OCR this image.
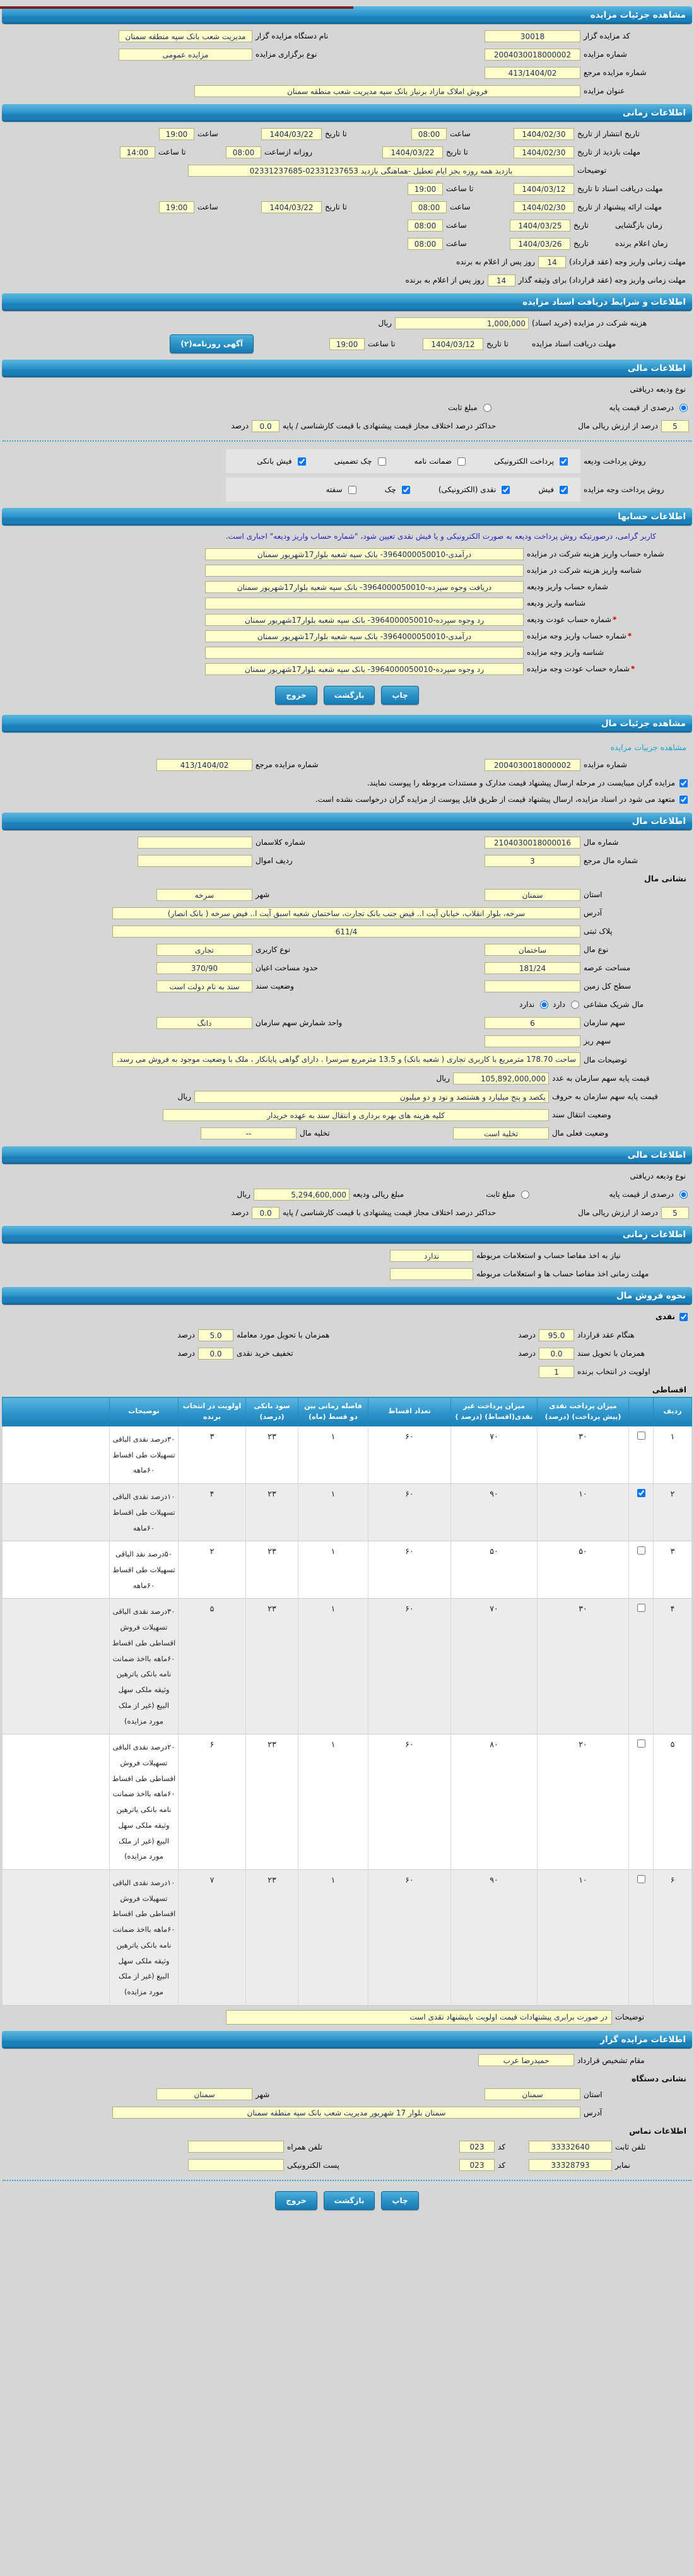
مشاهده جزئیات مزایده
کد مزایده گزار
30018
نام دستگاه مزایده گزار
مدیریت شعب بانک سپه منطقه سمنان
شماره مزایده
2004030018000002
نوع برگزاری مزایده
مزایده عمومی
شماره مزایده مرجع
413/1404/02
عنوان مزایده
فروش املاک مازاد برنیاز بانک سپه مدیریت شعب منطقه سمنان
اطلاعات زمانی
تاریخ انتشار از تاریخ
1404/02/30
ساعت
08:00
تا تاریخ
1404/03/22
ساعت
19:00
مهلت بازدید از تاریخ
1404/02/30
تا تاریخ
1404/03/22
روزانه ازساعت
08:00
تا ساعت
14:00
توضیحات
بازدید همه روزه بجز ایام تعطیل -هماهنگی بازدید 02331237653-02331237685
مهلت دریافت اسناد تا تاریخ
1404/03/12
تا ساعت
19:00
مهلت ارائه پیشنهاد از تاریخ
1404/02/30
ساعت
08:00
تا تاریخ
1404/03/22
ساعت
19:00
زمان بازگشایی
تاریخ
1404/03/25
ساعت
08:00
زمان اعلام برنده
تاریخ
1404/03/26
ساعت
08:00
مهلت زمانی واریز وجه (عقد قرارداد)
14
روز پس از اعلام به برنده
مهلت زمانی واریز وجه (عقد قرارداد) برای وثیقه گذار
14
روز پس از اعلام به برنده
اطلاعات و شرایط دریافت اسناد مزایده
هزینه شرکت در مزایده (خرید اسناد)
1,000,000
ریال
مهلت دریافت اسناد مزایده
تا تاریخ
1404/03/12
تا ساعت
19:00
آگهی روزنامه(۲)
اطلاعات مالی
نوع ودیعه دریافتی
درصدی از قیمت پایه
مبلغ ثابت
5
درصد از ارزش ریالی مال
حداکثر درصد اختلاف مجاز قیمت پیشنهادی با قیمت کارشناسی / پایه
0.0
درصد
روش پرداخت ودیعه
پرداخت الکترونیکی
ضمانت نامه
چک تضمینی
فیش بانکی
روش پرداخت وجه مزایده
فیش
نقدی (الکترونیکی)
چک
سفته
اطلاعات حسابها
کاربر گرامی، درصورتیکه روش پرداخت ودیعه به صورت الکترونیکی و یا فیش نقدی تعیین شود، "شماره حساب واریز ودیعه" اجباری است.
شماره حساب واریز هزینه شرکت در مزایده
درآمدی-3964000050010- بانک سپه شعبه بلوار17شهریور سمنان
شناسه واریز هزینه شرکت در مزایده
شماره حساب واریز ودیعه
دریافت وجوه سپرده-3964000050010- بانک سپه شعبه بلوار17شهریور سمنان
شناسه واریز ودیعه
*شماره حساب عودت ودیعه
رد وجوه سپرده-3964000050010- بانک سپه شعبه بلوار17شهریور سمنان
*شماره حساب واریز وجه مزایده
درآمدی-3964000050010- بانک سپه شعبه بلوار17شهریور سمنان
شناسه واریز وجه مزایده
*شماره حساب عودت وجه مزایده
رد وجوه سپرده-3964000050010- بانک سپه شعبه بلوار17شهریور سمنان
چاپ
بازگشت
خروج
مشاهده جزئیات مال
مشاهده جزییات مزایده
شماره مزایده
2004030018000002
شماره مزایده مرجع
413/1404/02
مزایده گران میبایست در مرحله ارسال پیشنهاد قیمت مدارک و مستندات مربوطه را پیوست نمایند.
متعهد می شود در اسناد مزایده، ارسال پیشنهاد قیمت از طریق فایل پیوست از مزایده گران درخواست نشده است.
اطلاعات مال
شماره مال
2104030018000016
شماره کلاسمان
شماره مال مرجع
3
ردیف اموال
نشانی مال
استان
سمنان
شهر
سرخه
آدرس
سرخه، بلوار انقلاب، خیابان آیت ا.. فیض جنب بانک تجارت، ساختمان شعبه اسبق آیت ا.. فیض سرخه ( بانک انصار)
پلاک ثبتی
611/4
نوع مال
ساختمان
نوع کاربری
تجاری
مساحت عرصه
181/24
حدود مساحت اعیان
370/90
سطح کل زمین
وضعیت سند
سند به نام دولت است
مال شریک مشاعی
دارد
ندارد
سهم سازمان
6
واحد شمارش سهم سازمان
دانگ
سهم ریز
توضیحات مال
ساحت 178.70 مترمربع با کاربری تجاری ( شعبه بانک) و 13.5 مترمربع سرسرا . دارای گواهی پایانکار ، ملک با وضعیت موجود به فروش می رسد.
قیمت پایه سهم سازمان به عدد
105,892,000,000
ریال
قیمت پایه سهم سازمان به حروف
یکصد و پنج میلیارد و هشتصد و نود و دو میلیون
ریال
وضعیت انتقال سند
کلیه هزینه های بهره برداری و انتقال سند به عهده خریدار
وضعیت فعلی مال
تخلیه است
تخلیه مال
--
اطلاعات مالی
نوع ودیعه دریافتی
درصدی از قیمت پایه
مبلغ ثابت
مبلغ ریالی ودیعه
5,294,600,000
ریال
5
درصد از ارزش ریالی مال
حداکثر درصد اختلاف مجاز قیمت پیشنهادی با قیمت کارشناسی / پایه
0.0
درصد
اطلاعات زمانی
نیاز به اخذ مفاصا حساب و استعلامات مربوطه
ندارد
مهلت زمانی اخذ مفاصا حساب ها و استعلامات مربوطه
نحوه فروش مال
نقدی
هنگام عقد قرارداد
95.0
درصد
همزمان با تحویل مورد معامله
5.0
درصد
همزمان با تحویل سند
0.0
درصد
تخفیف خرید نقدی
0.0
درصد
اولویت در انتخاب برنده
1
اقساطی
ردیف		میزان پرداخت نقدی (پیش پرداخت) (درصد)	میزان پرداخت غیر نقدی(اقساط) (درصد )	تعداد اقساط	فاصله زمانی بین دو قسط (ماه)	سود بانکی (درصد)	اولویت در انتخاب برنده	توضیحات	
۱		۳۰	۷۰	۶۰	۱	۲۳	۳	۳۰درصد نقدی الباقی تسهیلات طی اقساط ۶۰ماهه	
۲		۱۰	۹۰	۶۰	۱	۲۳	۴	۱۰درصد نقدی الباقی تسهیلات طی اقساط ۶۰ماهه	
۳		۵۰	۵۰	۶۰	۱	۲۳	۲	۵۰درصد نقد الباقی تسهیلات طی اقساط ۶۰ماهه	
۴		۳۰	۷۰	۶۰	۱	۲۳	۵	۳۰درصد نقدی الباقی تسهیلات فروش اقساطی طی اقساط ۶۰ماهه بااخذ ضمانت نامه بانکی یاترهین وثیقه ملکی سهل البیع (غیر از ملک مورد مزایده)	
۵		۲۰	۸۰	۶۰	۱	۲۳	۶	۲۰درصد نقدی الباقی تسهیلات فروش اقساطی طی اقساط ۶۰ماهه بااخذ ضمانت نامه بانکی یاترهین وثیقه ملکی سهل البیع (غیر از ملک مورد مزایده)	
۶		۱۰	۹۰	۶۰	۱	۲۳	۷	۱۰درصد نقدی الباقی تسهیلات فروش اقساطی طی اقساط ۶۰ماهه بااخذ ضمانت نامه بانکی یاترهین وثیقه ملکی سهل البیع (غیر از ملک مورد مزایده)	
توضیحات
در صورت برابری پیشنهادات قیمت اولویت باپیشنهاد نقدی است
اطلاعات مزایده گزار
مقام تشخیص قرارداد
حمیدرضا عرب
نشانی دستگاه
استان
سمنان
شهر
سمنان
آدرس
سمنان بلوار 17 شهریور مدیریت شعب بانک سپه منطقه سمنان
اطلاعات تماس
تلفن ثابت
33332640
کد
023
تلفن همراه
نمابر
33328793
کد
023
پست الکترونیکی
چاپ
بازگشت
خروج
